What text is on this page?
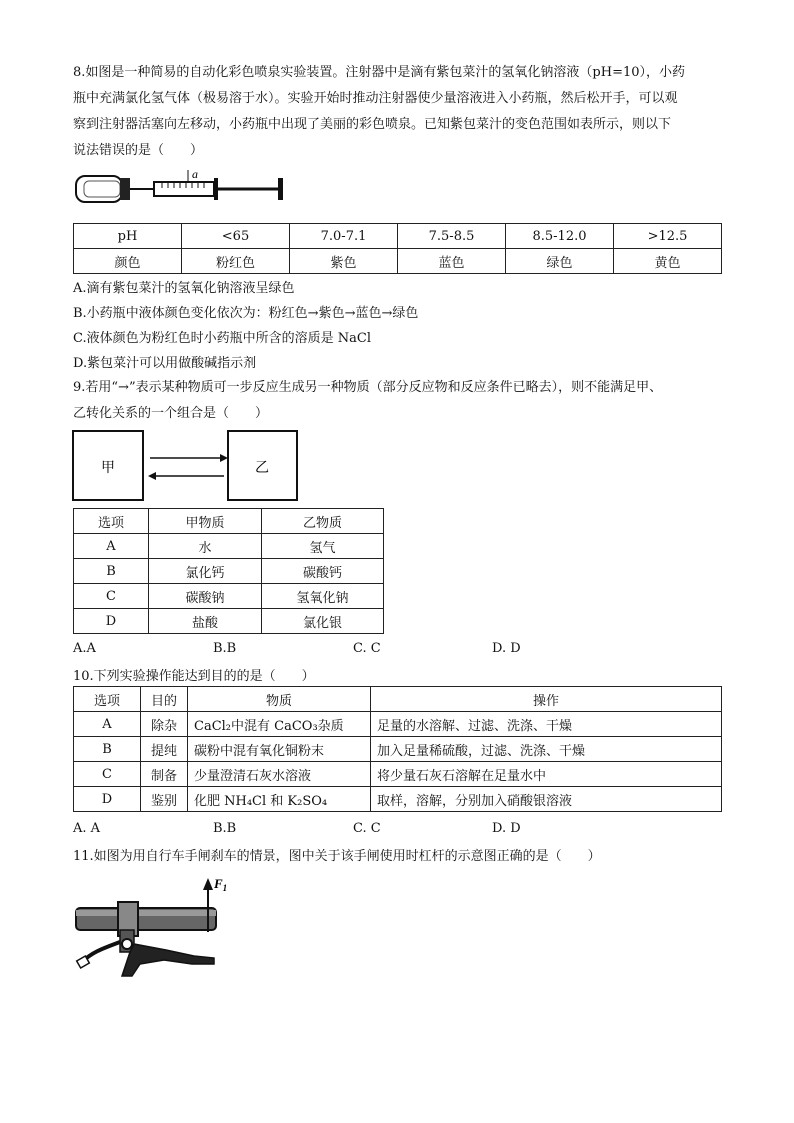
8.如图是一种简易的自动化彩色喷泉实验装置。注射器中是滴有紫包菜汁的氢氧化钠溶液（pH=10），小药
瓶中充满氯化氢气体（极易溶于水）。实验开始时推动注射器使少量溶液进入小药瓶，然后松开手，可以观
察到注射器活塞向左移动，小药瓶中出现了美丽的彩色喷泉。已知紫包菜汁的变色范围如表所示，则以下
说法错误的是（　　）
a
pH	<65	7.0-7.1	7.5-8.5	8.5-12.0	>12.5
颜色	粉红色	紫色	蓝色	绿色	黄色
A.滴有紫包菜汁的氢氧化钠溶液呈绿色
B.小药瓶中液体颜色变化依次为：粉红色→紫色→蓝色→绿色
C.液体颜色为粉红色时小药瓶中所含的溶质是 NaCl
D.紫包菜汁可以用做酸碱指示剂
9.若用“→”表示某种物质可一步反应生成另一种物质（部分反应物和反应条件已略去），则不能满足甲、
乙转化关系的一个组合是（　　）
甲	乙
选项	甲物质	乙物质
A	水	氢气
B	氯化钙	碳酸钙
C	碳酸钠	氢氧化钠
D	盐酸	氯化银
A.A	B.B	C. C	D. D
10.下列实验操作能达到目的的是（　　）
选项	目的	物质	操作
A	除杂	CaCl₂中混有 CaCO₃杂质	足量的水溶解、过滤、洗涤、干燥
B	提纯	碳粉中混有氧化铜粉末	加入足量稀硫酸，过滤、洗涤、干燥
C	制备	少量澄清石灰水溶液	将少量石灰石溶解在足量水中
D	鉴别	化肥 NH₄Cl 和 K₂SO₄	取样，溶解，分别加入硝酸银溶液
A. A	B.B	C. C	D. D
11.如图为用自行车手闸刹车的情景，图中关于该手闸使用时杠杆的示意图正确的是（　　）
$F_1$
